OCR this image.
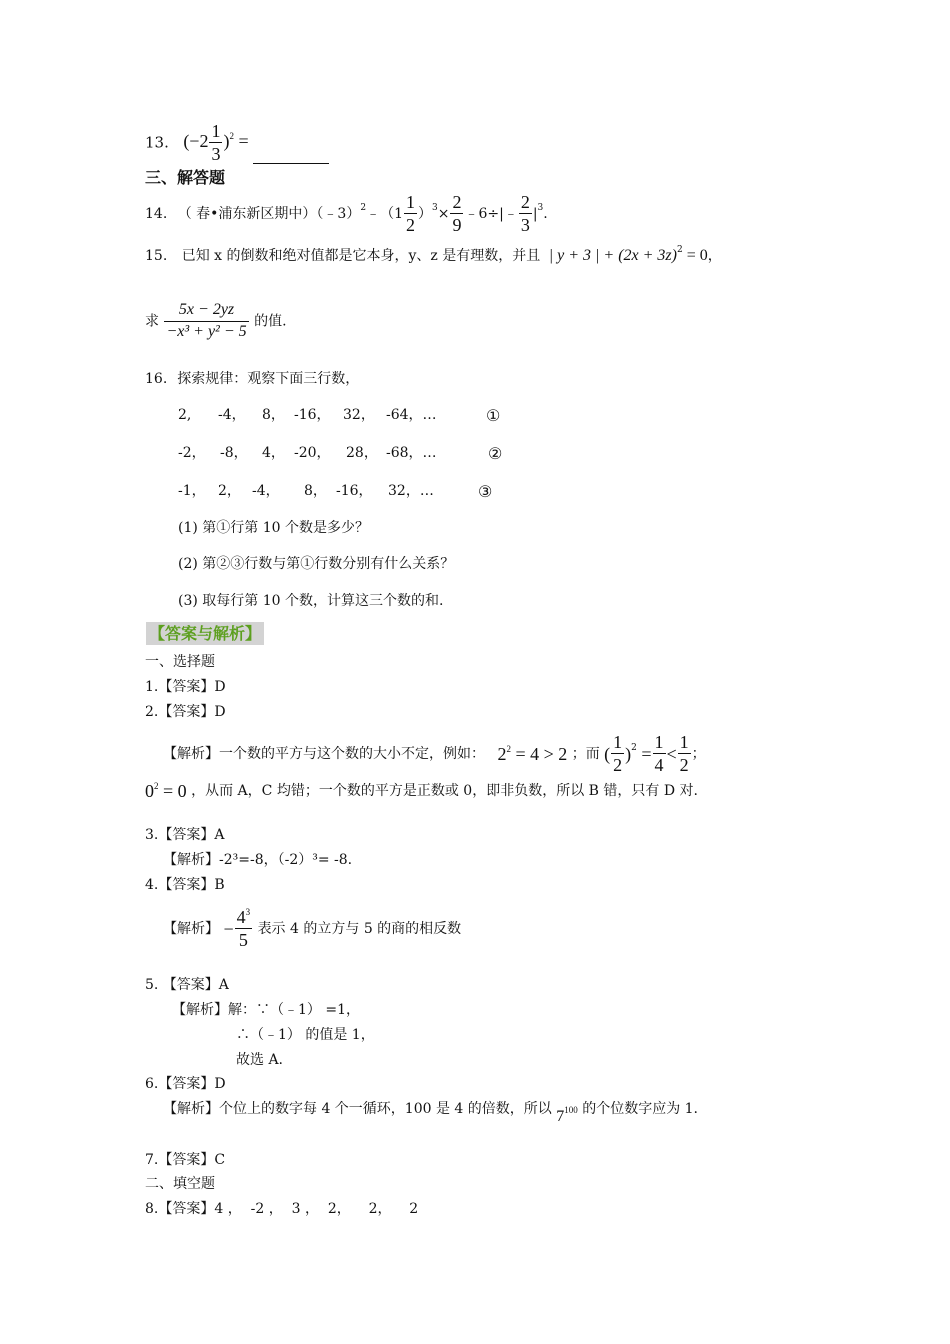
13. $(-2 \frac{1}{3} )^2$ =
三、解答题
14. （ 春•浦东新区期中）（﹣3）$^2$﹣（1 $\frac{1}{2} )^3\times \frac{2}{9}$ ﹣6÷|﹣ $\frac{2}{3} |^3$.
15. 已知 x 的倒数和绝对值都是它本身，y、z 是有理数，并且 | y + 3 | + $(2x + 3z)^2 = 0$，
求 $\frac{5x - 2yz}{\text{−x³ + y² − 5}}$ 的值.
16. 探索规律：观察下面三行数，
2, -4， 8， -16， 32， -64，…	①
-2， -8， 4， -20， 28， -68，…	②
-1， 2， -4， 8， -16， 32，…	③
(1) 第①行第 10 个数是多少？
(2) 第②③行数与第①行数分别有什么关系？
(3) 取每行第 10 个数，计算这三个数的和.
【答案与解析】
一、选择题
1.【答案】D
2.【答案】D
【解析】一个数的平方与这个数的大小不定，例如： $2^2 = 4 > 2$ ；而 ( $\frac{1}{2} )^2 = \frac{1}{4} < \frac{1}{2}$ ；
$0^2 = 0$ ，从而 A，C 均错；一个数的平方是正数或 0，即非负数，所以 B 错，只有 D 对.
3.【答案】A
【解析】-2³=-8，（-2）³= -8.
4.【答案】B
【解析】 − $\frac{4^3}{5}$ 表示 4 的立方与 5 的商的相反数
5. 【答案】A
【解析】解：∵（﹣1） =1，
∴（﹣1） 的值是 1，
故选 A.
6.【答案】D
【解析】个位上的数字每 4 个一循环，100 是 4 的倍数，所以 $7^{100}$ 的个位数字应为 1.
7.【答案】C
二、填空题
8.【答案】4 ，  -2 ，  3 ，  2，    2，    2
